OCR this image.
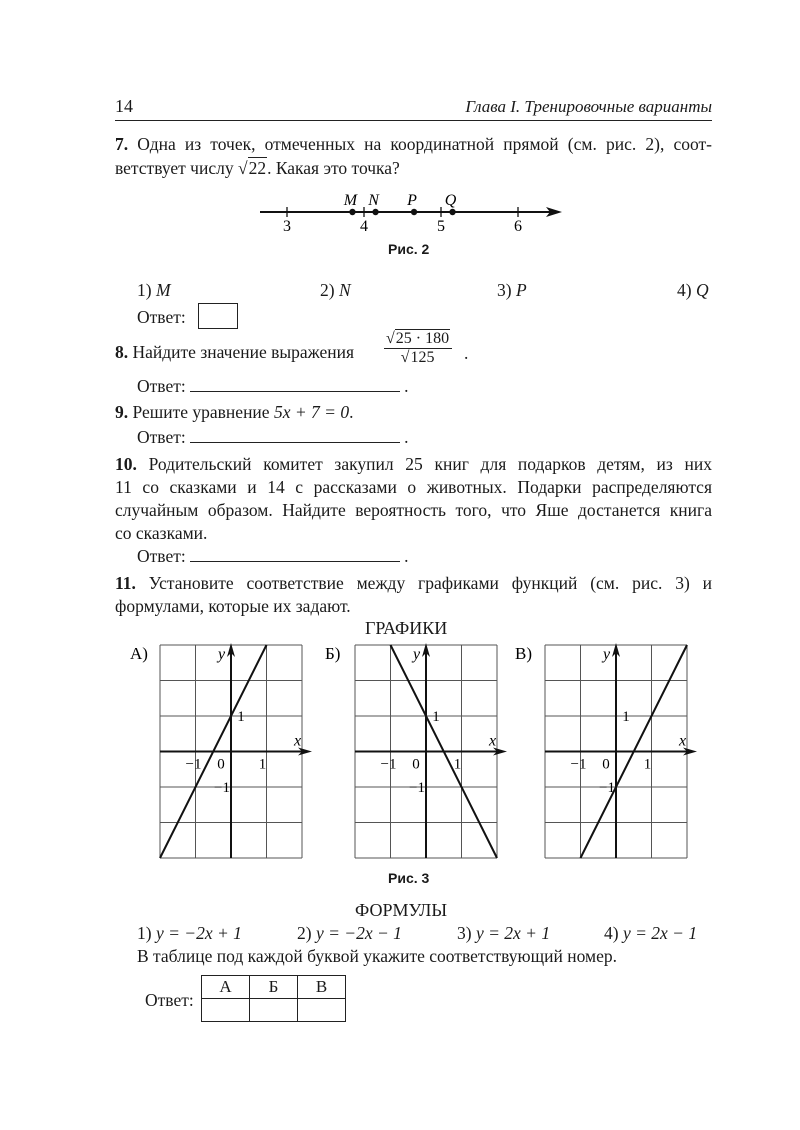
14	Глава I. Тренировочные варианты
7. Одна из точек, отмеченных на координатной прямой (см. рис. 2), соот-
ветствует числу √22. Какая это точка?
3	4	5	6
M N P Q
Рис. 2
1) M	2) N	3) P	4) Q
Ответ:
8. Найдите значение выражения
√25 · 180
√125	.
Ответ:	.
9. Решите уравнение 5x + 7 = 0.
Ответ:	.
10. Родительский комитет закупил 25 книг для подарков детям, из них
11 со сказками и 14 с рассказами о животных. Подарки распределяются
случайным образом. Найдите вероятность того, что Яше достанется книга
со сказками.
Ответ:	.
11. Установите соответствие между графиками функций (см. рис. 3) и
формулами, которые их задают.
ГРАФИКИ
А)
x
y
−1 0 1
1
−1
Б)
x
y
−1 0 1
1
−1
В)
x
y
−1 0 1
1
−1
Рис. 3
ФОРМУЛЫ
1) y = −2x + 1	2) y = −2x − 1	3) y = 2x + 1	4) y = 2x − 1
В таблице под каждой буквой укажите соответствующий номер.
Ответ:
А	Б	В
